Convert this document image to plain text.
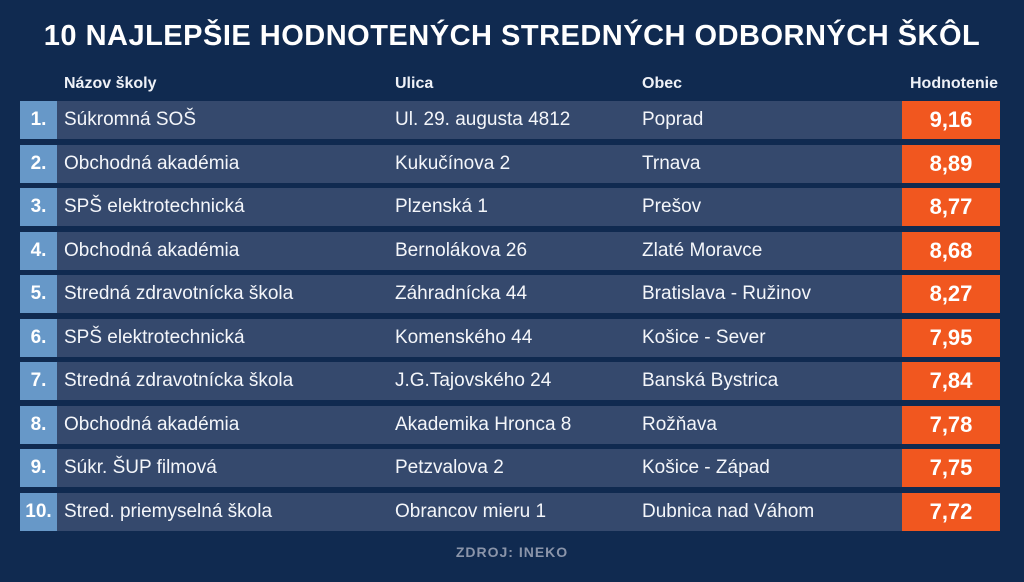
10 NAJLEPŠIE HODNOTENÝCH STREDNÝCH ODBORNÝCH ŠKÔL
Názov školy	Ulica	Obec	Hodnotenie
1. Súkromná SOŠ	Ul. 29. augusta 4812	Poprad	9,16
2. Obchodná akadémia	Kukučínova 2	Trnava	8,89
3. SPŠ elektrotechnická	Plzenská 1	Prešov	8,77
4. Obchodná akadémia	Bernolákova 26	Zlaté Moravce	8,68
5. Stredná zdravotnícka škola	Záhradnícka 44	Bratislava - Ružinov	8,27
6. SPŠ elektrotechnická	Komenského 44	Košice - Sever	7,95
7. Stredná zdravotnícka škola	J.G.Tajovského 24	Banská Bystrica	7,84
8. Obchodná akadémia	Akademika Hronca 8	Rožňava	7,78
9. Súkr. ŠUP filmová	Petzvalova 2	Košice - Západ	7,75
10. Stred. priemyselná škola	Obrancov mieru 1	Dubnica nad Váhom	7,72
ZDROJ: INEKO
